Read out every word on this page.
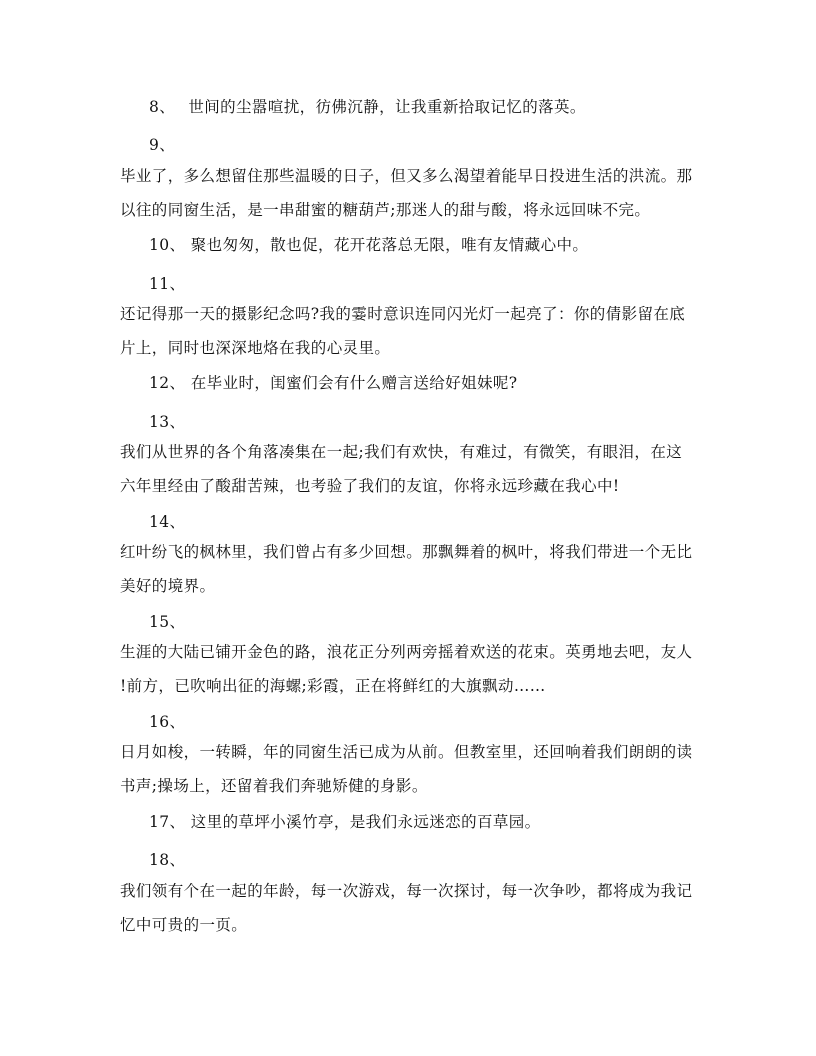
8、 世间的尘嚣喧扰，彷佛沉静，让我重新拾取记忆的落英。
9、
毕业了，多么想留住那些温暖的日子，但又多么渴望着能早日投进生活的洪流。那
以往的同窗生活，是一串甜蜜的糖葫芦;那迷人的甜与酸，将永远回味不完。
10、 聚也匆匆，散也促，花开花落总无限，唯有友情藏心中。
11、
还记得那一天的摄影纪念吗?我的霎时意识连同闪光灯一起亮了：你的倩影留在底
片上，同时也深深地烙在我的心灵里。
12、 在毕业时，闺蜜们会有什么赠言送给好姐妹呢?
13、
我们从世界的各个角落凑集在一起;我们有欢快，有难过，有微笑，有眼泪，在这
六年里经由了酸甜苦辣，也考验了我们的友谊，你将永远珍藏在我心中!
14、
红叶纷飞的枫林里，我们曾占有多少回想。那飘舞着的枫叶，将我们带进一个无比
美好的境界。
15、
生涯的大陆已铺开金色的路，浪花正分列两旁摇着欢送的花束。英勇地去吧，友人
!前方，已吹响出征的海螺;彩霞，正在将鲜红的大旗飘动……
16、
日月如梭，一转瞬，年的同窗生活已成为从前。但教室里，还回响着我们朗朗的读
书声;操场上，还留着我们奔驰矫健的身影。
17、 这里的草坪小溪竹亭，是我们永远迷恋的百草园。
18、
我们领有个在一起的年龄，每一次游戏，每一次探讨，每一次争吵，都将成为我记
忆中可贵的一页。
